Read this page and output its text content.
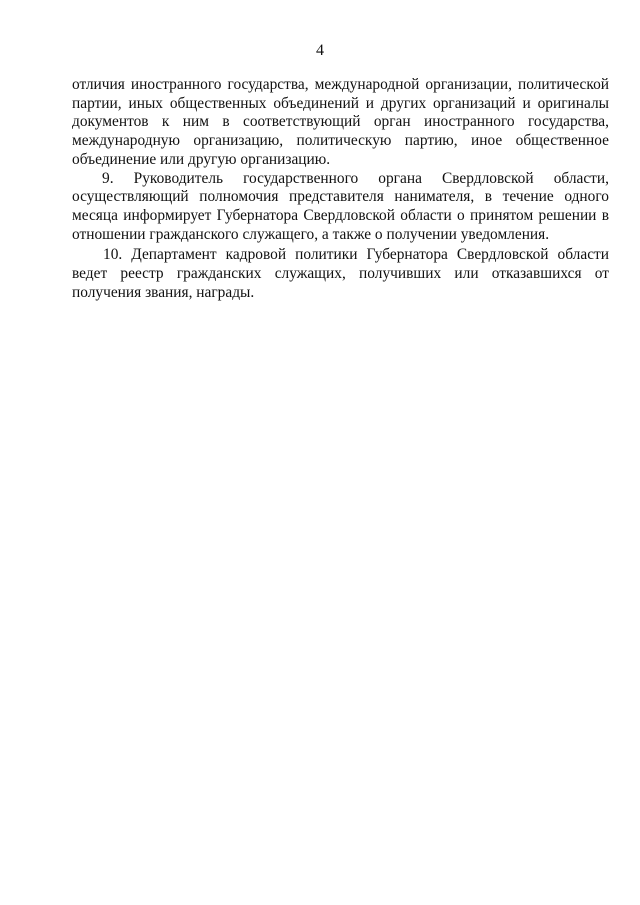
4

отличия иностранного государства, международной организации, политической партии, иных общественных объединений и других организаций и оригиналы документов к ним в соответствующий орган иностранного государства, международную организацию, политическую партию, иное общественное объединение или другую организацию.

9. Руководитель государственного органа Свердловской области, осуществляющий полномочия представителя нанимателя, в течение одного месяца информирует Губернатора Свердловской области о принятом решении в отношении гражданского служащего, а также о получении уведомления.

10. Департамент кадровой политики Губернатора Свердловской области ведет реестр гражданских служащих, получивших или отказавшихся от получения звания, награды.
